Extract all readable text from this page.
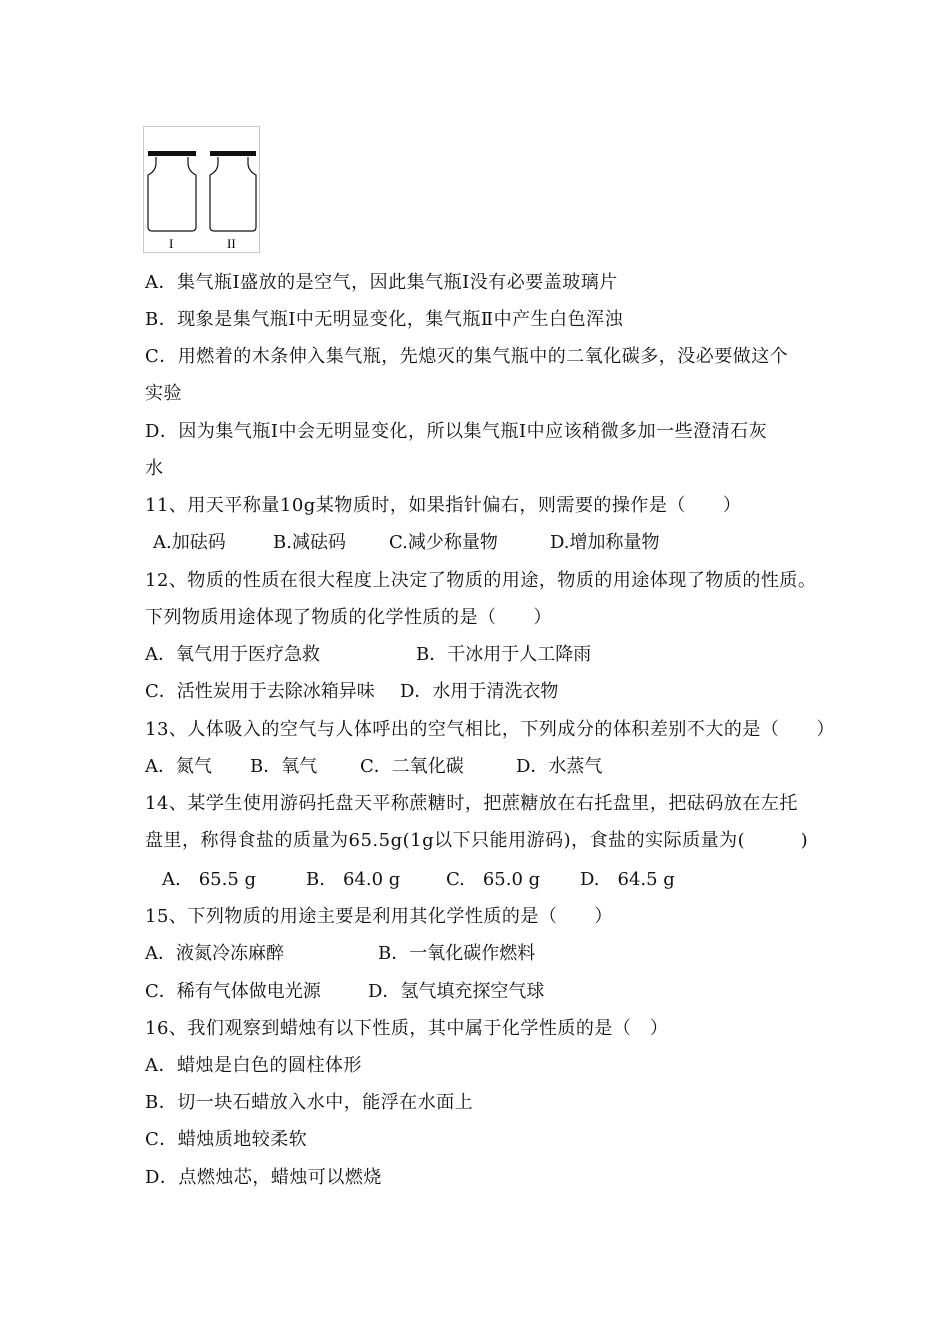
I	II
A．集气瓶Ⅰ盛放的是空气，因此集气瓶Ⅰ没有必要盖玻璃片
B．现象是集气瓶Ⅰ中无明显变化，集气瓶Ⅱ中产生白色浑浊
C．用燃着的木条伸入集气瓶，先熄灭的集气瓶中的二氧化碳多，没必要做这个
实验
D．因为集气瓶Ⅰ中会无明显变化，所以集气瓶Ⅰ中应该稍微多加一些澄清石灰
水
11、用天平称量10g某物质时，如果指针偏右，则需要的操作是（　　）
A.加砝码	B.减砝码 C.减少称量物	D.增加称量物
12、物质的性质在很大程度上决定了物质的用途，物质的用途体现了物质的性质。
下列物质用途体现了物质的化学性质的是（　　）
A．氧气用于医疗急救	B．干冰用于人工降雨
C．活性炭用于去除冰箱异味 D．水用于清洗衣物
13、人体吸入的空气与人体呼出的空气相比，下列成分的体积差别不大的是（　　）
A．氮气 B．氧气 C．二氧化碳	D．水蒸气
14、某学生使用游码托盘天平称蔗糖时，把蔗糖放在右托盘里，把砝码放在左托
盘里，称得食盐的质量为65.5g(1g以下只能用游码)，食盐的实际质量为(　　　)
A.　65.5 g	B.　64.0 g	C.　65.0 g D.　64.5 g
15、下列物质的用途主要是利用其化学性质的是（　　）
A．液氮冷冻麻醉	B．一氧化碳作燃料
C．稀有气体做电光源	D．氢气填充探空气球
16、我们观察到蜡烛有以下性质，其中属于化学性质的是（　）
A．蜡烛是白色的圆柱体形
B．切一块石蜡放入水中，能浮在水面上
C．蜡烛质地较柔软
D．点燃烛芯，蜡烛可以燃烧
